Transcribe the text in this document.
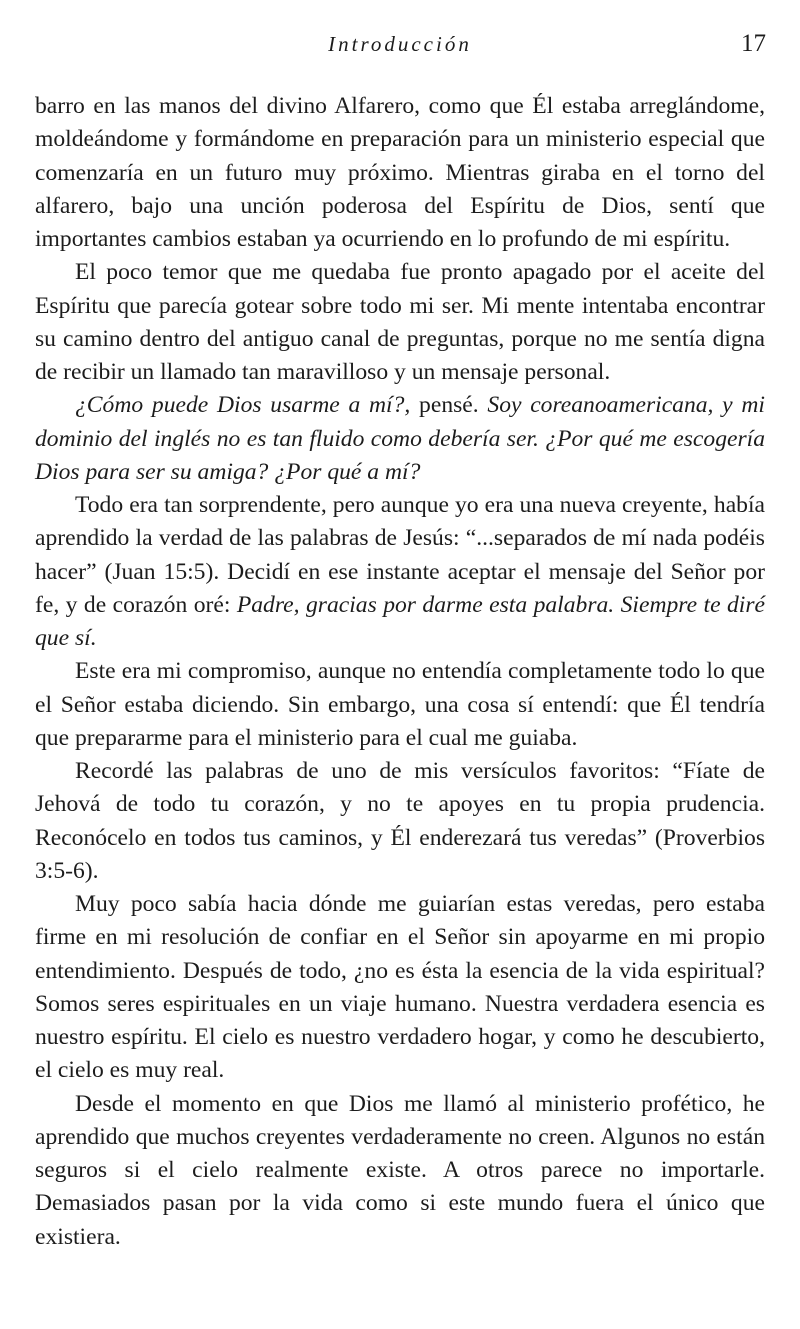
Introducción	17

barro en las manos del divino Alfarero, como que Él estaba arreglándome, moldeándome y formándome en preparación para un ministerio especial que comenzaría en un futuro muy próximo. Mientras giraba en el torno del alfarero, bajo una unción poderosa del Espíritu de Dios, sentí que importantes cambios estaban ya ocurriendo en lo profundo de mi espíritu.

El poco temor que me quedaba fue pronto apagado por el aceite del Espíritu que parecía gotear sobre todo mi ser. Mi mente intentaba encontrar su camino dentro del antiguo canal de preguntas, porque no me sentía digna de recibir un llamado tan maravilloso y un mensaje personal.

¿Cómo puede Dios usarme a mí?, pensé. Soy coreanoamericana, y mi dominio del inglés no es tan fluido como debería ser. ¿Por qué me escogería Dios para ser su amiga? ¿Por qué a mí?

Todo era tan sorprendente, pero aunque yo era una nueva creyente, había aprendido la verdad de las palabras de Jesús: “...separados de mí nada podéis hacer” (Juan 15:5). Decidí en ese instante aceptar el mensaje del Señor por fe, y de corazón oré: Padre, gracias por darme esta palabra. Siempre te diré que sí.

Este era mi compromiso, aunque no entendía completamente todo lo que el Señor estaba diciendo. Sin embargo, una cosa sí entendí: que Él tendría que prepararme para el ministerio para el cual me guiaba.

Recordé las palabras de uno de mis versículos favoritos: “Fíate de Jehová de todo tu corazón, y no te apoyes en tu propia prudencia. Reconócelo en todos tus caminos, y Él enderezará tus veredas” (Proverbios 3:5-6).

Muy poco sabía hacia dónde me guiarían estas veredas, pero estaba firme en mi resolución de confiar en el Señor sin apoyarme en mi propio entendimiento. Después de todo, ¿no es ésta la esencia de la vida espiritual? Somos seres espirituales en un viaje humano. Nuestra verdadera esencia es nuestro espíritu. El cielo es nuestro verdadero hogar, y como he descubierto, el cielo es muy real.

Desde el momento en que Dios me llamó al ministerio profético, he aprendido que muchos creyentes verdaderamente no creen. Algunos no están seguros si el cielo realmente existe. A otros parece no importarle. Demasiados pasan por la vida como si este mundo fuera el único que existiera.
